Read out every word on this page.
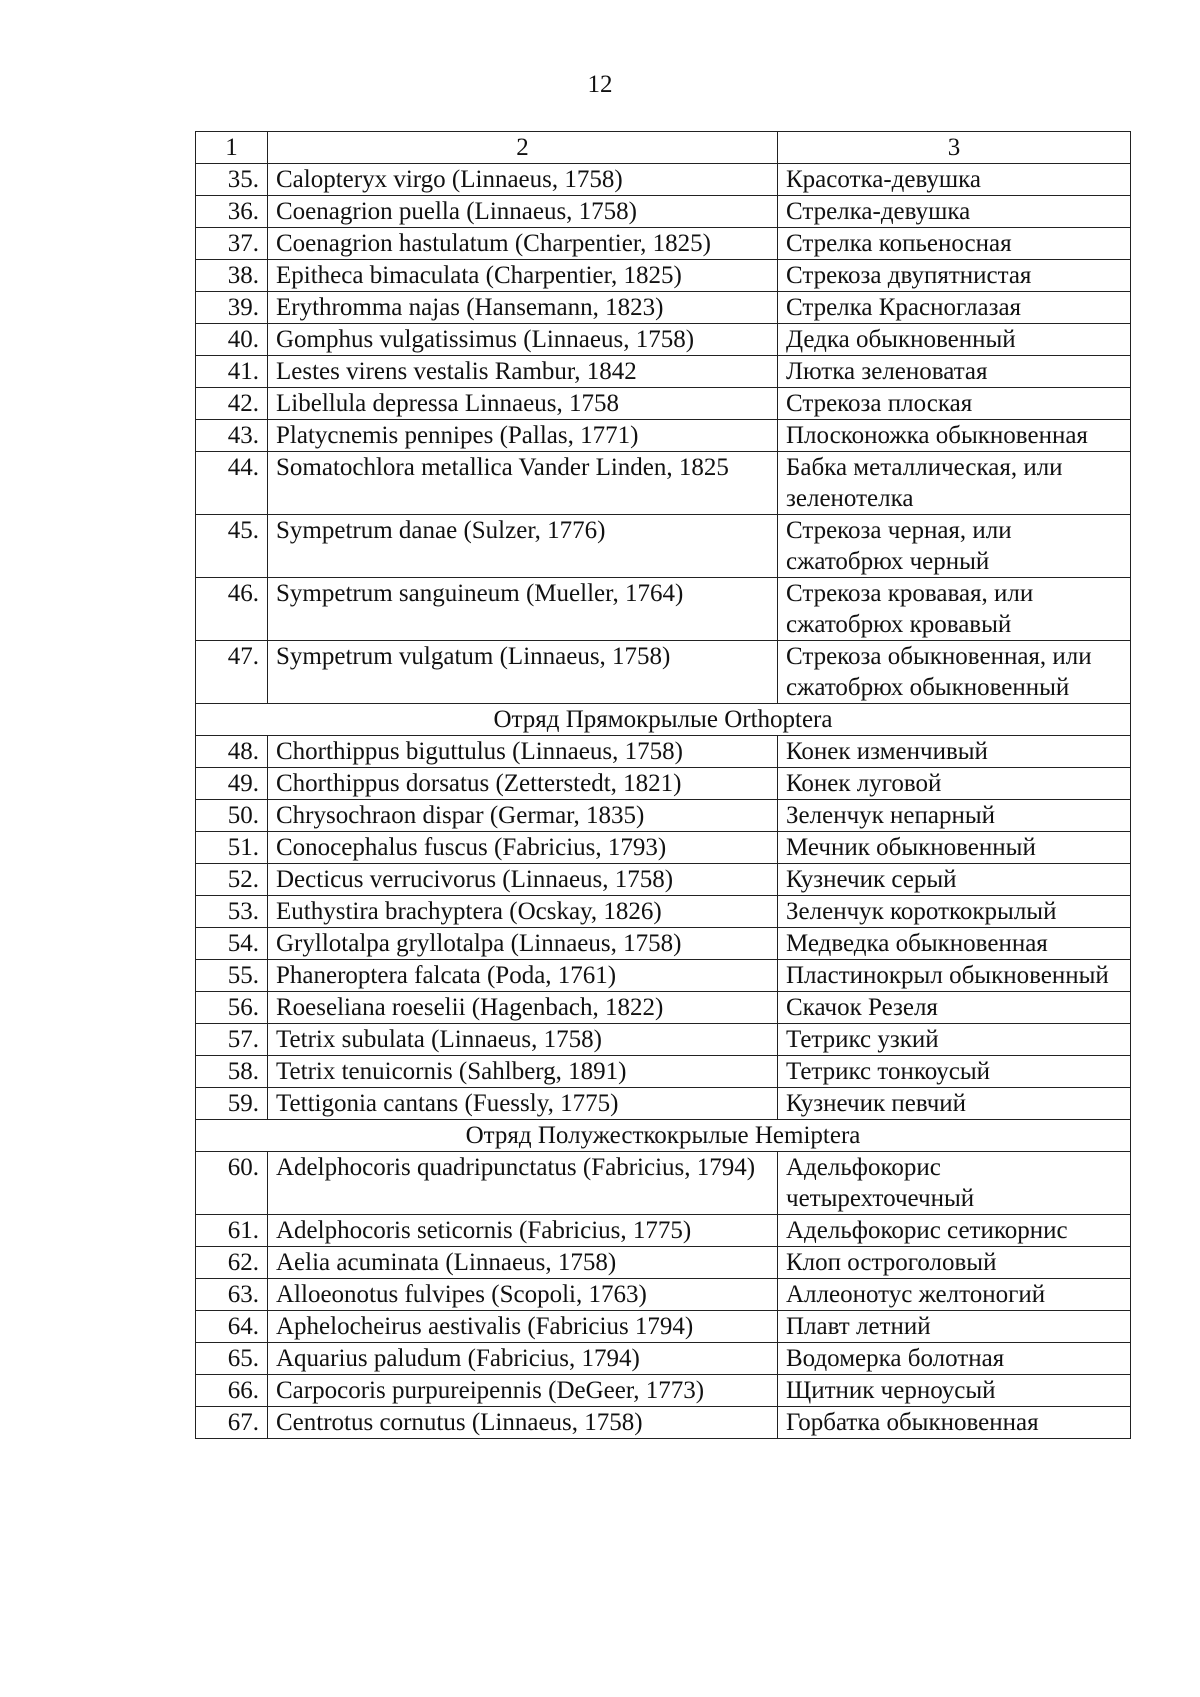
12
1	2	3
35.	Calopteryx virgo (Linnaeus, 1758)	Красотка-девушка
36.	Coenagrion puella (Linnaeus, 1758)	Стрелка-девушка
37.	Coenagrion hastulatum (Charpentier, 1825)	Стрелка копьеносная
38.	Epitheca bimaculata (Charpentier, 1825)	Стрекоза двупятнистая
39.	Erythromma najas (Hansemann, 1823)	Стрелка Красноглазая
40.	Gomphus vulgatissimus (Linnaeus, 1758)	Дедка обыкновенный
41.	Lestes virens vestalis Rambur, 1842	Лютка зеленоватая
42.	Libellula depressa Linnaeus, 1758	Стрекоза плоская
43.	Platycnemis pennipes (Pallas, 1771)	Плосконожка обыкновенная
44.	Somatochlora metallica Vander Linden, 1825	Бабка металлическая, или зеленотелка
45.	Sympetrum danae (Sulzer, 1776)	Стрекоза черная, или сжатобрюх черный
46.	Sympetrum sanguineum (Mueller, 1764)	Стрекоза кровавая, или сжатобрюх кровавый
47.	Sympetrum vulgatum (Linnaeus, 1758)	Стрекоза обыкновенная, или сжатобрюх обыкновенный
Отряд Прямокрылые Orthoptera		
48.	Chorthippus biguttulus (Linnaeus, 1758)	Конек изменчивый
49.	Chorthippus dorsatus (Zetterstedt, 1821)	Конек луговой
50.	Chrysochraon dispar (Germar, 1835)	Зеленчук непарный
51.	Conocephalus fuscus (Fabricius, 1793)	Мечник обыкновенный
52.	Decticus verrucivorus (Linnaeus, 1758)	Кузнечик серый
53.	Euthystira brachyptera (Ocskay, 1826)	Зеленчук короткокрылый
54.	Gryllotalpa gryllotalpa (Linnaeus, 1758)	Медведка обыкновенная
55.	Phaneroptera falcata (Poda, 1761)	Пластинокрыл обыкновенный
56.	Roeseliana roeselii (Hagenbach, 1822)	Скачок Резеля
57.	Tetrix subulata (Linnaeus, 1758)	Тетрикс узкий
58.	Tetrix tenuicornis (Sahlberg, 1891)	Тетрикс тонкоусый
59.	Tettigonia cantans (Fuessly, 1775)	Кузнечик певчий
Отряд Полужесткокрылые Hemiptera		
60.	Adelphocoris quadripunctatus (Fabricius, 1794)	Адельфокорис четырехточечный
61.	Adelphocoris seticornis (Fabricius, 1775)	Адельфокорис сетикорнис
62.	Aelia acuminata (Linnaeus, 1758)	Клоп остроголовый
63.	Alloeonotus fulvipes (Scopoli, 1763)	Аллеонотус желтоногий
64.	Aphelocheirus aestivalis (Fabricius 1794)	Плавт летний
65.	Aquarius paludum (Fabricius, 1794)	Водомерка болотная
66.	Carpocoris purpureipennis (DeGeer, 1773)	Щитник черноусый
67.	Centrotus cornutus (Linnaeus, 1758)	Горбатка обыкновенная
